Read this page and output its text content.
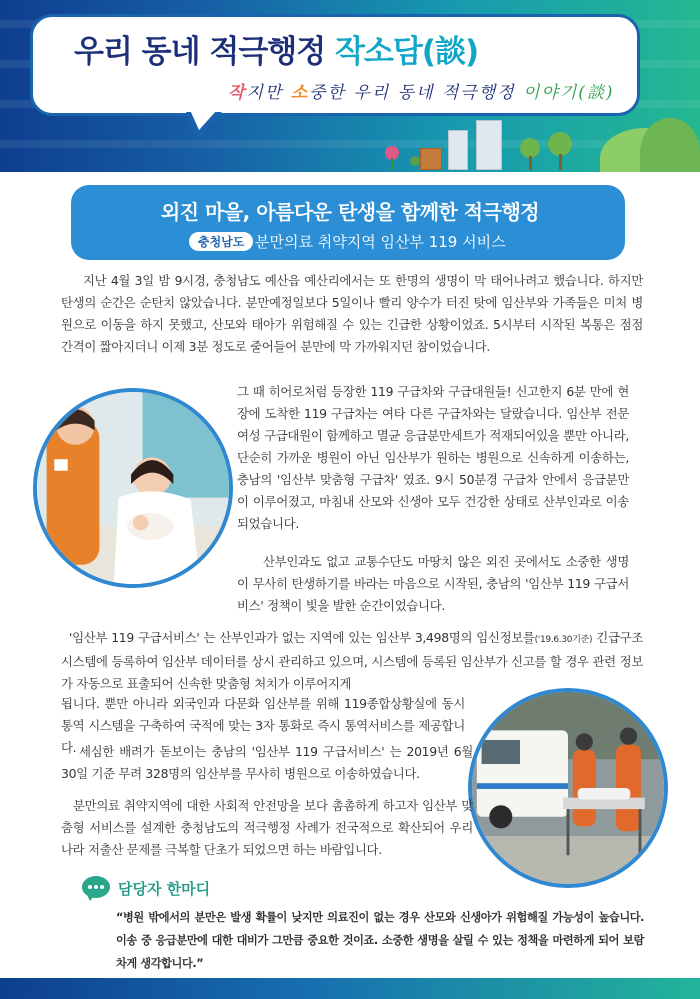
우리 동네 적극행정 작소담(談)
작지만 소중한 우리 동네 적극행정 이야기(談)
외진 마을, 아름다운 탄생을 함께한 적극행정
충청남도 분만의료 취약지역 임산부 119 서비스

지난 4월 3일 밤 9시경, 충청남도 예산읍 예산리에서는 또 한명의 생명이 막 태어나려고 했습니다. 하지만 탄생의 순간은 순탄치 않았습니다. 분만예정일보다 5일이나 빨리 양수가 터진 탓에 임산부와 가족들은 미처 병원으로 이동을 하지 못했고, 산모와 태아가 위험해질 수 있는 긴급한 상황이었죠. 5시부터 시작된 복통은 점점 간격이 짧아지더니 이제 3분 정도로 줄어들어 분만에 막 가까워지던 참이었습니다.

그 때 히어로처럼 등장한 119 구급차와 구급대원들! 신고한지 6분 만에 현장에 도착한 119 구급차는 여타 다른 구급차와는 달랐습니다. 임산부 전문 여성 구급대원이 함께하고 멸균 응급분만세트가 적재되어있을 뿐만 아니라, 단순히 가까운 병원이 아닌 임산부가 원하는 병원으로 신속하게 이송하는, 충남의 '임산부 맞춤형 구급차' 였죠. 9시 50분경 구급차 안에서 응급분만이 이루어졌고, 마침내 산모와 신생아 모두 건강한 상태로 산부인과로 이송되었습니다.

산부인과도 없고 교통수단도 마땅치 않은 외진 곳에서도 소중한 생명이 무사히 탄생하기를 바라는 마음으로 시작된, 충남의 '임산부 119 구급서비스' 정책이 빛을 발한 순간이었습니다.

'임산부 119 구급서비스' 는 산부인과가 없는 지역에 있는 임산부 3,498명의 임신정보를('19.6.30기준) 긴급구조시스템에 등록하여 임산부 데이터를 상시 관리하고 있으며, 시스템에 등록된 임산부가 신고를 할 경우 관련 정보가 자동으로 표출되어 신속한 맞춤형 처치가 이루어지게

됩니다. 뿐만 아니라 외국인과 다문화 임산부를 위해 119종합상황실에 동시통역 시스템을 구축하여 국적에 맞는 3자 통화로 즉시 통역서비스를 제공합니다. 세심한 배려가 돋보이는 충남의 '임산부 119 구급서비스' 는 2019년 6월 30일 기준 무려 328명의 임산부를 무사히 병원으로 이송하였습니다.

분만의료 취약지역에 대한 사회적 안전망을 보다 촘촘하게 하고자 임산부 맞춤형 서비스를 설계한 충청남도의 적극행정 사례가 전국적으로 확산되어 우리나라 저출산 문제를 극복할 단초가 되었으면 하는 바람입니다.

담당자 한마디

“병원 밖에서의 분만은 발생 확률이 낮지만 의료진이 없는 경우 산모와 신생아가 위험해질 가능성이 높습니다. 이송 중 응급분만에 대한 대비가 그만큼 중요한 것이죠. 소중한 생명을 살릴 수 있는 정책을 마련하게 되어 보람차게 생각합니다.”
